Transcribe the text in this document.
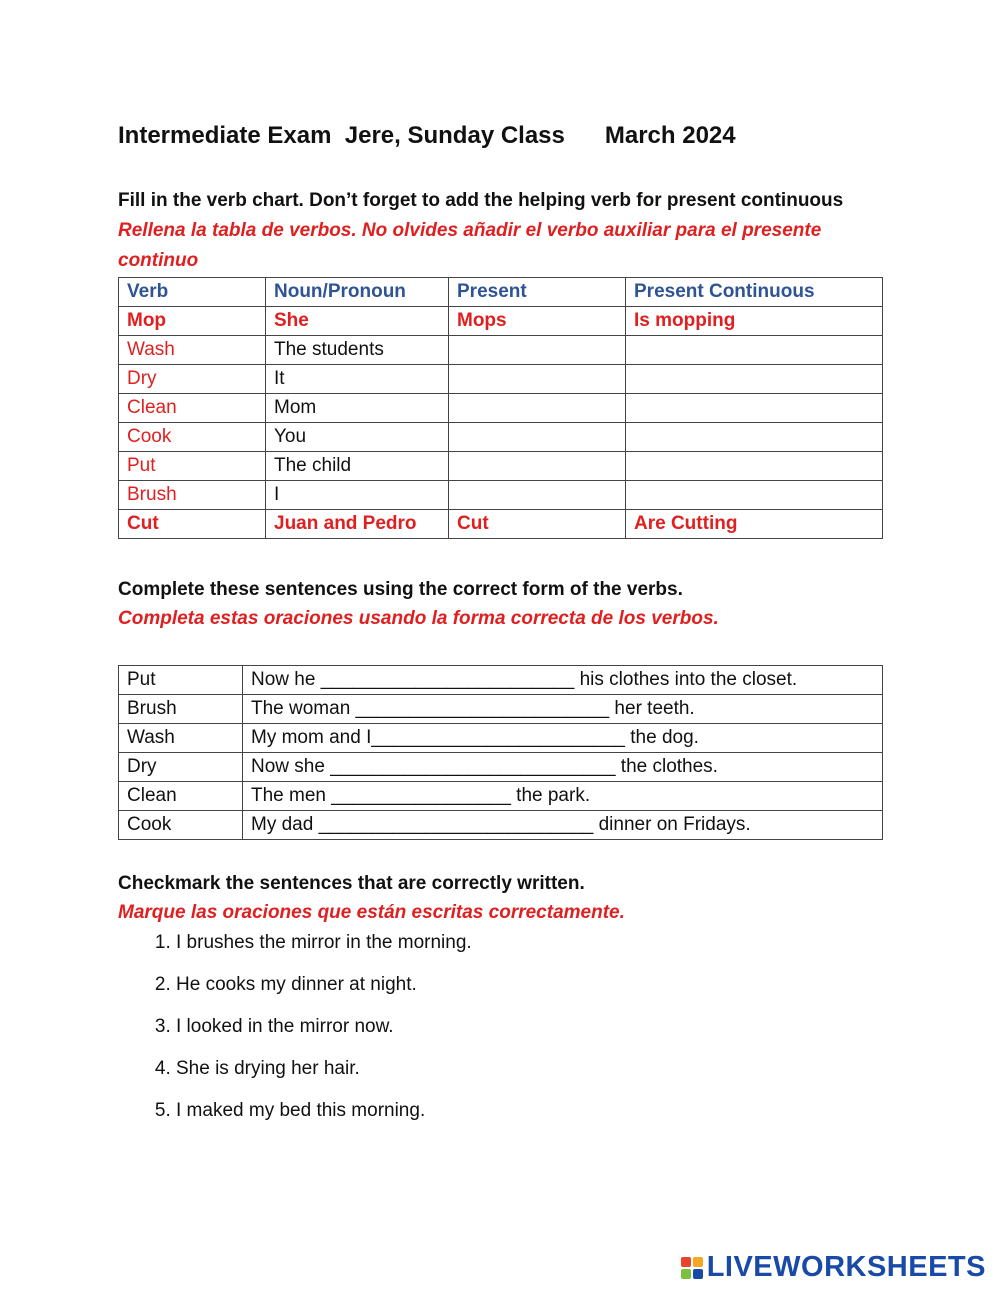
Intermediate Exam  Jere, Sunday Class      March 2024
Fill in the verb chart. Don’t forget to add the helping verb for present continuous
Rellena la tabla de verbos. No olvides añadir el verbo auxiliar para el presente continuo
Verb	Noun/Pronoun	Present	Present Continuous
Mop	She	Mops	Is mopping
Wash	The students		
Dry	It		
Clean	Mom		
Cook	You		
Put	The child		
Brush	I		
Cut	Juan and Pedro	Cut	Are Cutting
Complete these sentences using the correct form of the verbs.
Completa estas oraciones usando la forma correcta de los verbos.
Put	Now he ________________________ his clothes into the closet.
Brush	The woman ________________________ her teeth.
Wash	My mom and I________________________ the dog.
Dry	Now she ___________________________ the clothes.
Clean	The men _________________ the park.
Cook	My dad __________________________ dinner on Fridays.
Checkmark the sentences that are correctly written.
Marque las oraciones que están escritas correctamente.
1. I brushes the mirror in the morning.
2. He cooks my dinner at night.
3. I looked in the mirror now.
4. She is drying her hair.
5. I maked my bed this morning.
LIVEWORKSHEETS
